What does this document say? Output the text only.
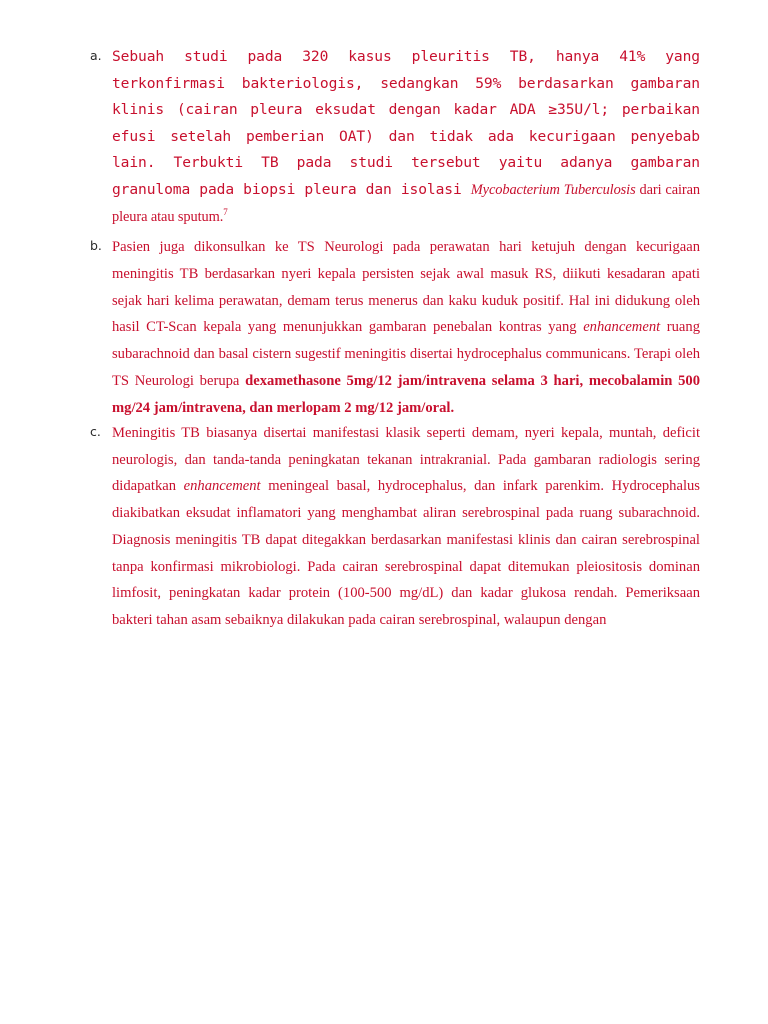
a. Sebuah studi pada 320 kasus pleuritis TB, hanya 41% yang terkonfirmasi bakteriologis, sedangkan 59% berdasarkan gambaran klinis (cairan pleura eksudat dengan kadar ADA ≥35U/l; perbaikan efusi setelah pemberian OAT) dan tidak ada kecurigaan penyebab lain. Terbukti TB pada studi tersebut yaitu adanya gambaran granuloma pada biopsi pleura dan isolasi Mycobacterium Tuberculosis dari cairan pleura atau sputum.$^7$
b. Pasien juga dikonsulkan ke TS Neurologi pada perawatan hari ketujuh dengan kecurigaan meningitis TB berdasarkan nyeri kepala persisten sejak awal masuk RS, diikuti kesadaran apati sejak hari kelima perawatan, demam terus menerus dan kaku kuduk positif. Hal ini didukung oleh hasil CT-Scan kepala yang menunjukkan gambaran penebalan kontras yang enhancement ruang subarachnoid dan basal cistern sugestif meningitis disertai hydrocephalus communicans. Terapi oleh TS Neurologi berupa dexamethasone 5mg/12 jam/intravena selama 3 hari, mecobalamin 500 mg/24 jam/intravena, dan merlopam 2 mg/12 jam/oral.
c. Meningitis TB biasanya disertai manifestasi klasik seperti demam, nyeri kepala, muntah, deficit neurologis, dan tanda-tanda peningkatan tekanan intrakranial. Pada gambaran radiologis sering didapatkan enhancement meningeal basal, hydrocephalus, dan infark parenkim. Hydrocephalus diakibatkan eksudat inflamatori yang menghambat aliran serebrospinal pada ruang subarachnoid. Diagnosis meningitis TB dapat ditegakkan berdasarkan manifestasi klinis dan cairan serebrospinal tanpa konfirmasi mikrobiologi. Pada cairan serebrospinal dapat ditemukan pleiositosis dominan limfosit, peningkatan kadar protein (100-500 mg/dL) dan kadar glukosa rendah. Pemeriksaan bakteri tahan asam sebaiknya dilakukan pada cairan serebrospinal, walaupun dengan
